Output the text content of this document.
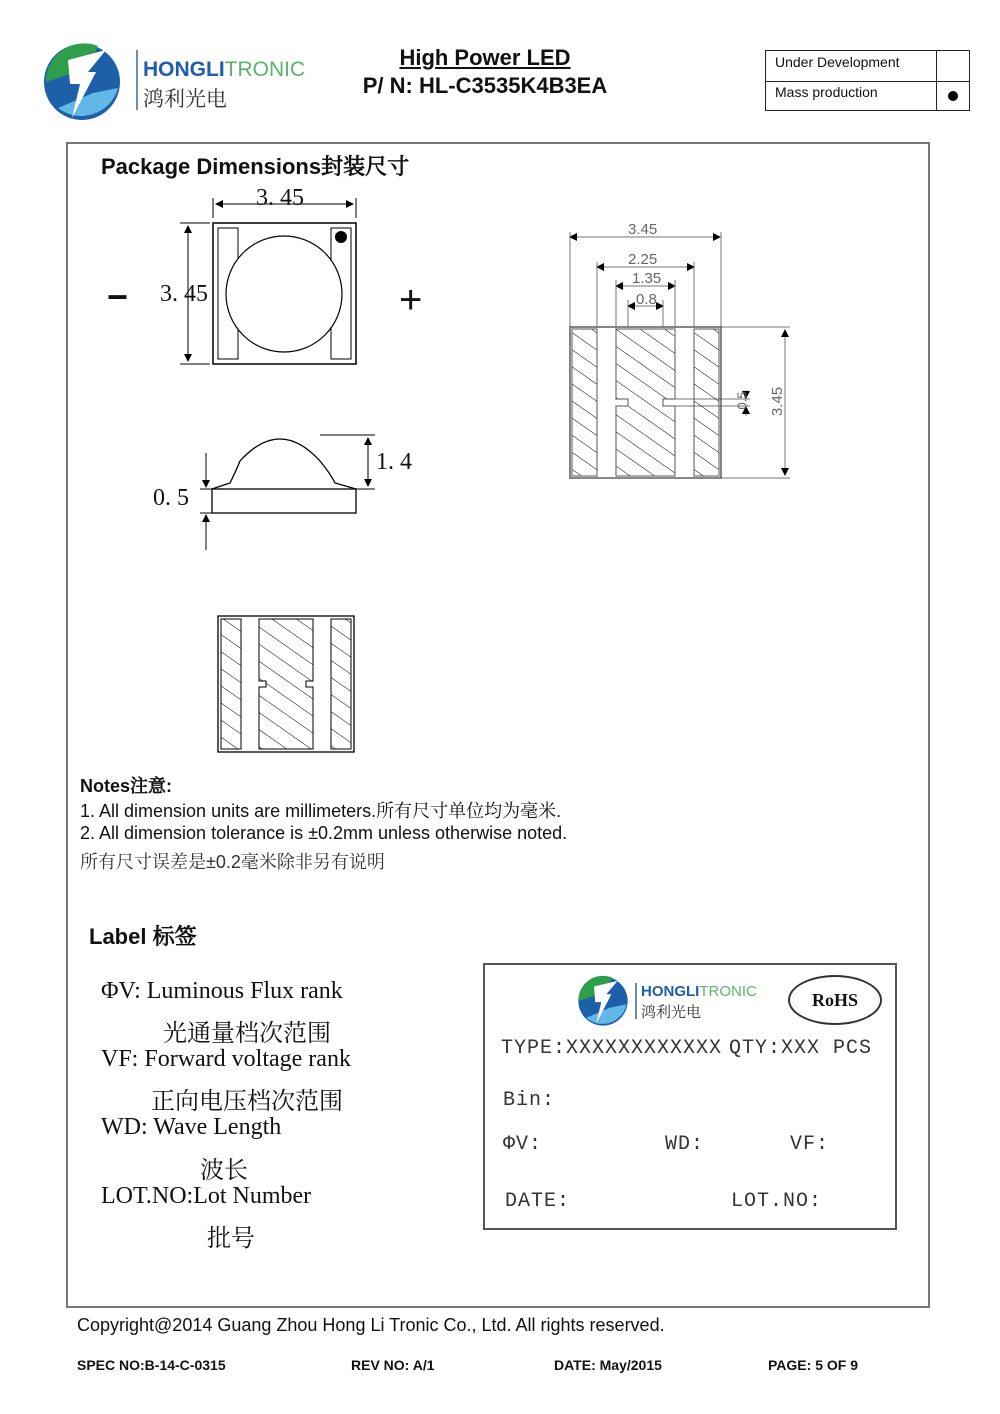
HONGLITRONIC
鸿利光电
High Power LED
P/ N: HL-C3535K4B3EA
Under Development
Mass production
Package Dimensions封装尺寸
3. 45
3. 45
−	+
1. 4
0. 5
3.45
2.25
1.35
0.8
0.5 3.45
Notes注意:
1. All dimension units are millimeters.所有尺寸单位均为毫米.
2. All dimension tolerance is ±0.2mm unless otherwise noted.
所有尺寸误差是±0.2毫米除非另有说明
Label 标签
ΦV: Luminous Flux rank
光通量档次范围
VF: Forward voltage rank
正向电压档次范围
WD: Wave Length
波长
LOT.NO:Lot Number
批号
HONGLITRONIC
鸿利光电
RoHS
TYPE:XXXXXXXXXXXX QTY:XXX PCS
Bin:
ΦV:	WD:	VF:
DATE:	LOT.NO:
Copyright@2014 Guang Zhou Hong Li Tronic Co., Ltd. All rights reserved.
SPEC NO:B-14-C-0315	REV NO: A/1	DATE: May/2015	PAGE: 5 OF 9
